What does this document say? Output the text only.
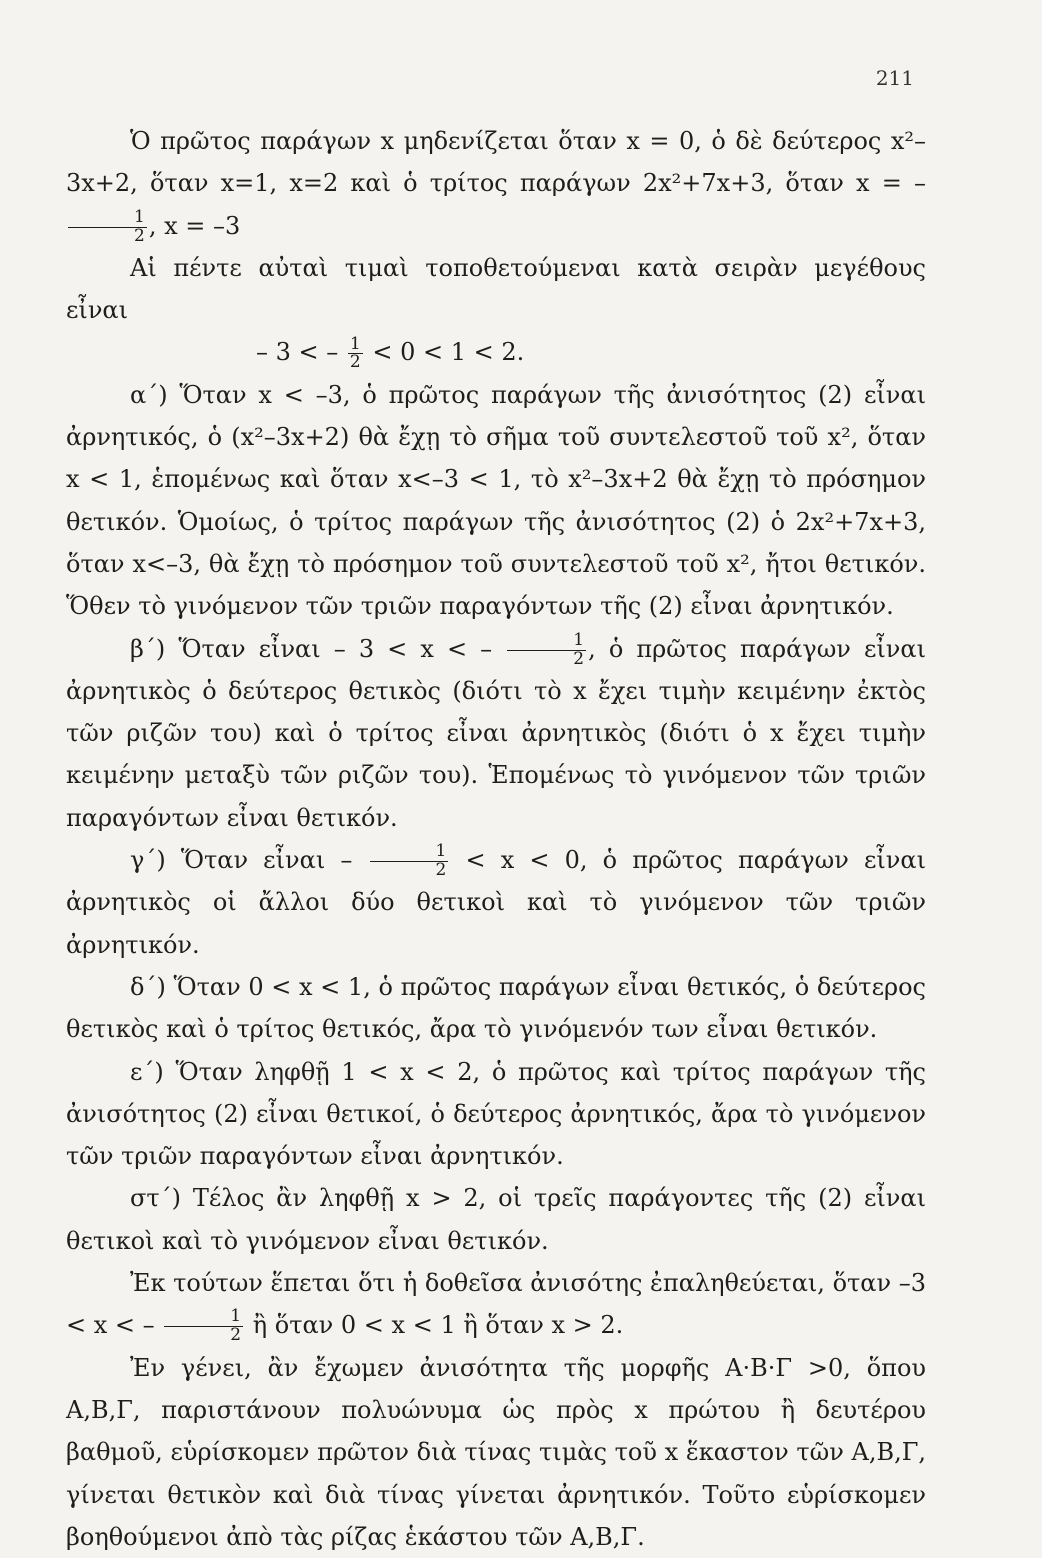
211

Ὁ πρῶτος παράγων x μηδενίζεται ὅταν x = 0, ὁ δὲ δεύτερος x²–3x+2, ὅταν x=1, x=2 καὶ ὁ τρίτος παράγων 2x²+7x+3, ὅταν x = –
$\frac{1}{2}$ , x = –3

Αἱ πέντε αὐταὶ τιμαὶ τοποθετούμεναι κατὰ σειρὰν μεγέθους εἶναι

– 3 < – $\frac{1}{2} < 0 < 1 < 2$.

α΄) Ὅταν x < –3, ὁ πρῶτος παράγων τῆς ἀνισότητος (2) εἶναι ἀρνητικός, ὁ (x²–3x+2) θὰ ἔχῃ τὸ σῆμα τοῦ συντελεστοῦ τοῦ x², ὅταν x < 1, ἑπομένως καὶ ὅταν x<–3 < 1, τὸ x²–3x+2 θὰ ἔχῃ τὸ πρόσημον θετικόν. Ὁμοίως, ὁ τρίτος παράγων τῆς ἀνισότητος (2) ὁ 2x²+7x+3, ὅταν x<–3, θὰ ἔχῃ τὸ πρόσημον τοῦ συντελεστοῦ τοῦ x², ἤτοι θετικόν. Ὅθεν τὸ γινόμενον τῶν τριῶν παραγόντων τῆς (2) εἶναι ἀρνητικόν.

β΄) Ὅταν εἶναι – 3 < x < – $\frac{1}{2}$ , ὁ πρῶτος παράγων εἶναι ἀρνητικὸς ὁ δεύτερος θετικὸς (διότι τὸ x ἔχει τιμὴν κειμένην ἐκτὸς τῶν ριζῶν του) καὶ ὁ τρίτος εἶναι ἀρνητικὸς (διότι ὁ x ἔχει τιμὴν κειμένην μεταξὺ τῶν ριζῶν του). Ἑπομένως τὸ γινόμενον τῶν τριῶν παραγόντων εἶναι θετικόν.

γ΄) Ὅταν εἶναι – $\frac{1}{2} < x < 0$, ὁ πρῶτος παράγων εἶναι ἀρνητικὸς οἱ ἄλλοι δύο θετικοὶ καὶ τὸ γινόμενον τῶν τριῶν ἀρνητικόν.

δ΄) Ὅταν 0 < x < 1, ὁ πρῶτος παράγων εἶναι θετικός, ὁ δεύτερος θετικὸς καὶ ὁ τρίτος θετικός, ἄρα τὸ γινόμενόν των εἶναι θετικόν.

ε΄) Ὅταν ληφθῇ 1 < x < 2, ὁ πρῶτος καὶ τρίτος παράγων τῆς ἀνισότητος (2) εἶναι θετικοί, ὁ δεύτερος ἀρνητικός, ἄρα τὸ γινόμενον τῶν τριῶν παραγόντων εἶναι ἀρνητικόν.

στ΄) Τέλος ἂν ληφθῇ x > 2, οἱ τρεῖς παράγοντες τῆς (2) εἶναι θετικοὶ καὶ τὸ γινόμενον εἶναι θετικόν.

Ἐκ τούτων ἕπεται ὅτι ἡ δοθεῖσα ἀνισότης ἐπαληθεύεται, ὅταν –3 < x < – $\frac{1}{2}$ ἢ ὅταν 0 < x < 1 ἢ ὅταν x > 2.

Ἐν γένει, ἂν ἔχωμεν ἀνισότητα τῆς μορφῆς Α·Β·Γ >0, ὅπου Α,Β,Γ, παριστάνουν πολυώνυμα ὡς πρὸς x πρώτου ἢ δευτέρου βαθμοῦ, εὑρίσκομεν πρῶτον διὰ τίνας τιμὰς τοῦ x ἕκαστον τῶν Α,Β,Γ, γίνεται θετικὸν καὶ διὰ τίνας γίνεται ἀρνητικόν. Τοῦτο εὑρίσκομεν βοηθούμενοι ἀπὸ τὰς ρίζας ἑκάστου τῶν Α,Β,Γ.
